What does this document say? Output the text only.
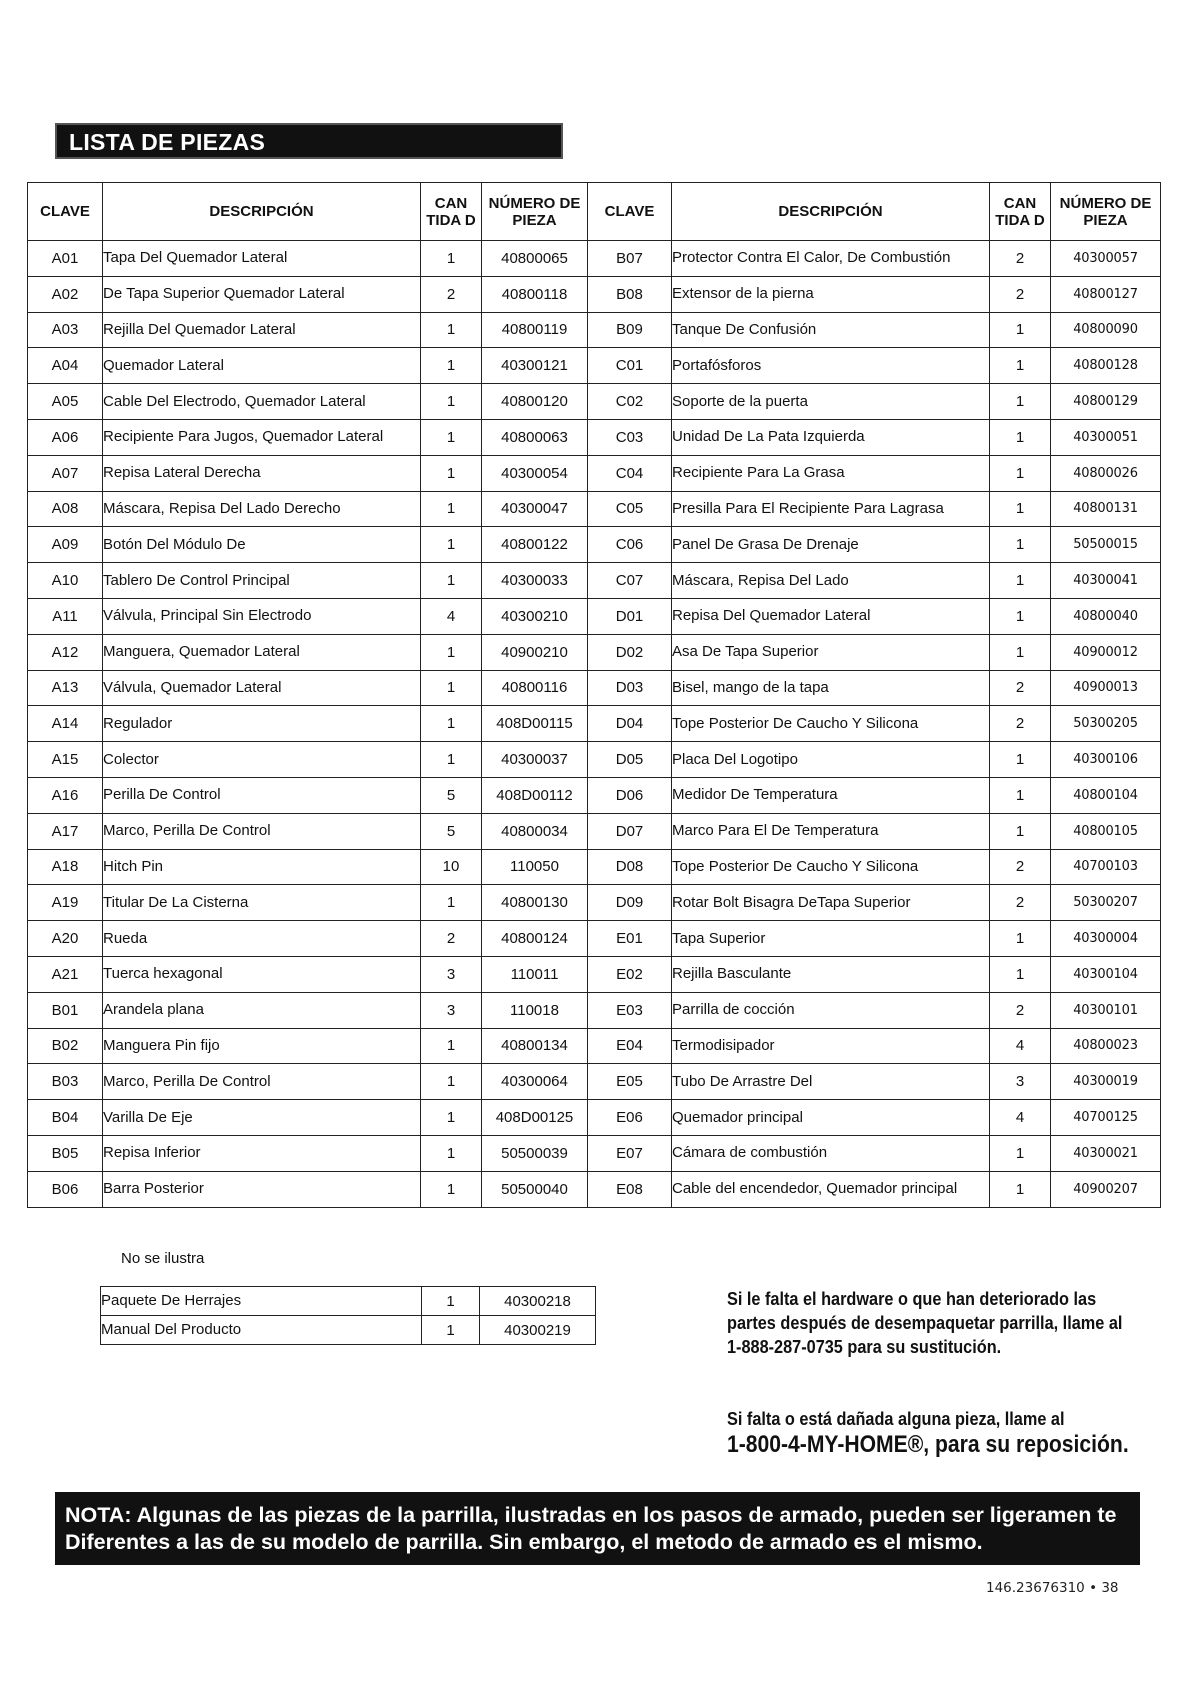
LISTA DE PIEZAS
CLAVE	DESCRIPCIÓN	CAN TIDA D	NÚMERO DE PIEZA	CLAVE	DESCRIPCIÓN	CAN TIDA D	NÚMERO DE PIEZA
A01	Tapa Del Quemador Lateral	1	40800065	B07	Protector Contra El Calor, De Combustión	2	40300057
A02	De Tapa Superior Quemador Lateral	2	40800118	B08	Extensor de la pierna	2	40800127
A03	Rejilla Del Quemador Lateral	1	40800119	B09	Tanque De Confusión	1	40800090
A04	Quemador Lateral	1	40300121	C01	Portafósforos	1	40800128
A05	Cable Del Electrodo, Quemador Lateral	1	40800120	C02	Soporte de la puerta	1	40800129
A06	Recipiente Para Jugos, Quemador Lateral	1	40800063	C03	Unidad De La Pata Izquierda	1	40300051
A07	Repisa Lateral Derecha	1	40300054	C04	Recipiente Para La Grasa	1	40800026
A08	Máscara, Repisa Del Lado Derecho	1	40300047	C05	Presilla Para El Recipiente Para Lagrasa	1	40800131
A09	Botón Del Módulo De	1	40800122	C06	Panel De Grasa De Drenaje	1	50500015
A10	Tablero De Control Principal	1	40300033	C07	Máscara, Repisa Del Lado	1	40300041
A11	Válvula, Principal Sin Electrodo	4	40300210	D01	Repisa Del Quemador Lateral	1	40800040
A12	Manguera, Quemador Lateral	1	40900210	D02	Asa De Tapa Superior	1	40900012
A13	Válvula, Quemador Lateral	1	40800116	D03	Bisel, mango de la tapa	2	40900013
A14	Regulador	1	408D00115	D04	Tope Posterior De Caucho Y Silicona	2	50300205
A15	Colector	1	40300037	D05	Placa Del Logotipo	1	40300106
A16	Perilla De Control	5	408D00112	D06	Medidor De Temperatura	1	40800104
A17	Marco, Perilla De Control	5	40800034	D07	Marco Para El De Temperatura	1	40800105
A18	Hitch Pin	10	110050	D08	Tope Posterior De Caucho Y Silicona	2	40700103
A19	Titular De La Cisterna	1	40800130	D09	Rotar Bolt Bisagra DeTapa Superior	2	50300207
A20	Rueda	2	40800124	E01	Tapa Superior	1	40300004
A21	Tuerca hexagonal	3	110011	E02	Rejilla Basculante	1	40300104
B01	Arandela plana	3	110018	E03	Parrilla de cocción	2	40300101
B02	Manguera Pin fijo	1	40800134	E04	Termodisipador	4	40800023
B03	Marco, Perilla De Control	1	40300064	E05	Tubo De Arrastre Del	3	40300019
B04	Varilla De Eje	1	408D00125	E06	Quemador principal	4	40700125
B05	Repisa Inferior	1	50500039	E07	Cámara de combustión	1	40300021
B06	Barra Posterior	1	50500040	E08	Cable del encendedor, Quemador principal	1	40900207
No se ilustra
Paquete De Herrajes	1	40300218
Manual Del Producto	1	40300219
Si le falta el hardware o que han deteriorado las partes después de desempaquetar parrilla, llame al 1-888-287-0735 para su sustitución.
Si falta o está dañada alguna pieza, llame al
1-800-4-MY-HOME®, para su reposición.
NOTA: Algunas de las piezas de la parrilla, ilustradas en los pasos de armado, pueden ser ligeramen te Diferentes a las de su modelo de parrilla. Sin embargo, el metodo de armado es el mismo.
146.23676310 • 38
